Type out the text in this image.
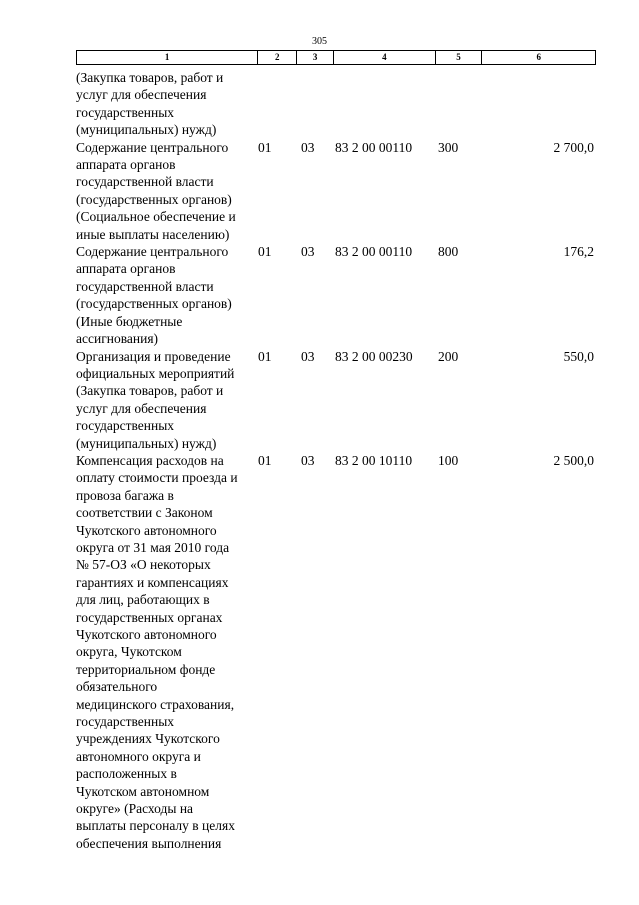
305
1	2	3	4	5	6
(Закупка товаров, работ и
услуг для обеспечения
государственных
(муниципальных) нужд)
Содержание центрального
аппарата органов
государственной власти
(государственных органов)
(Социальное обеспечение и
иные выплаты населению)
01	03	83 2 00 00110	300	2 700,0
Содержание центрального
аппарата органов
государственной власти
(государственных органов)
(Иные бюджетные
ассигнования)
01	03	83 2 00 00110	800	176,2
Организация и проведение
официальных мероприятий
(Закупка товаров, работ и
услуг для обеспечения
государственных
(муниципальных) нужд)
01	03	83 2 00 00230	200	550,0
Компенсация расходов на
оплату стоимости проезда и
провоза багажа в
соответствии с Законом
Чукотского автономного
округа от 31 мая 2010 года
№ 57-ОЗ «О некоторых
гарантиях и компенсациях
для лиц, работающих в
государственных органах
Чукотского автономного
округа, Чукотском
территориальном фонде
обязательного
медицинского страхования,
государственных
учреждениях Чукотского
автономного округа и
расположенных в
Чукотском автономном
округе» (Расходы на
выплаты персоналу в целях
обеспечения выполнения
01	03	83 2 00 10110	100	2 500,0
